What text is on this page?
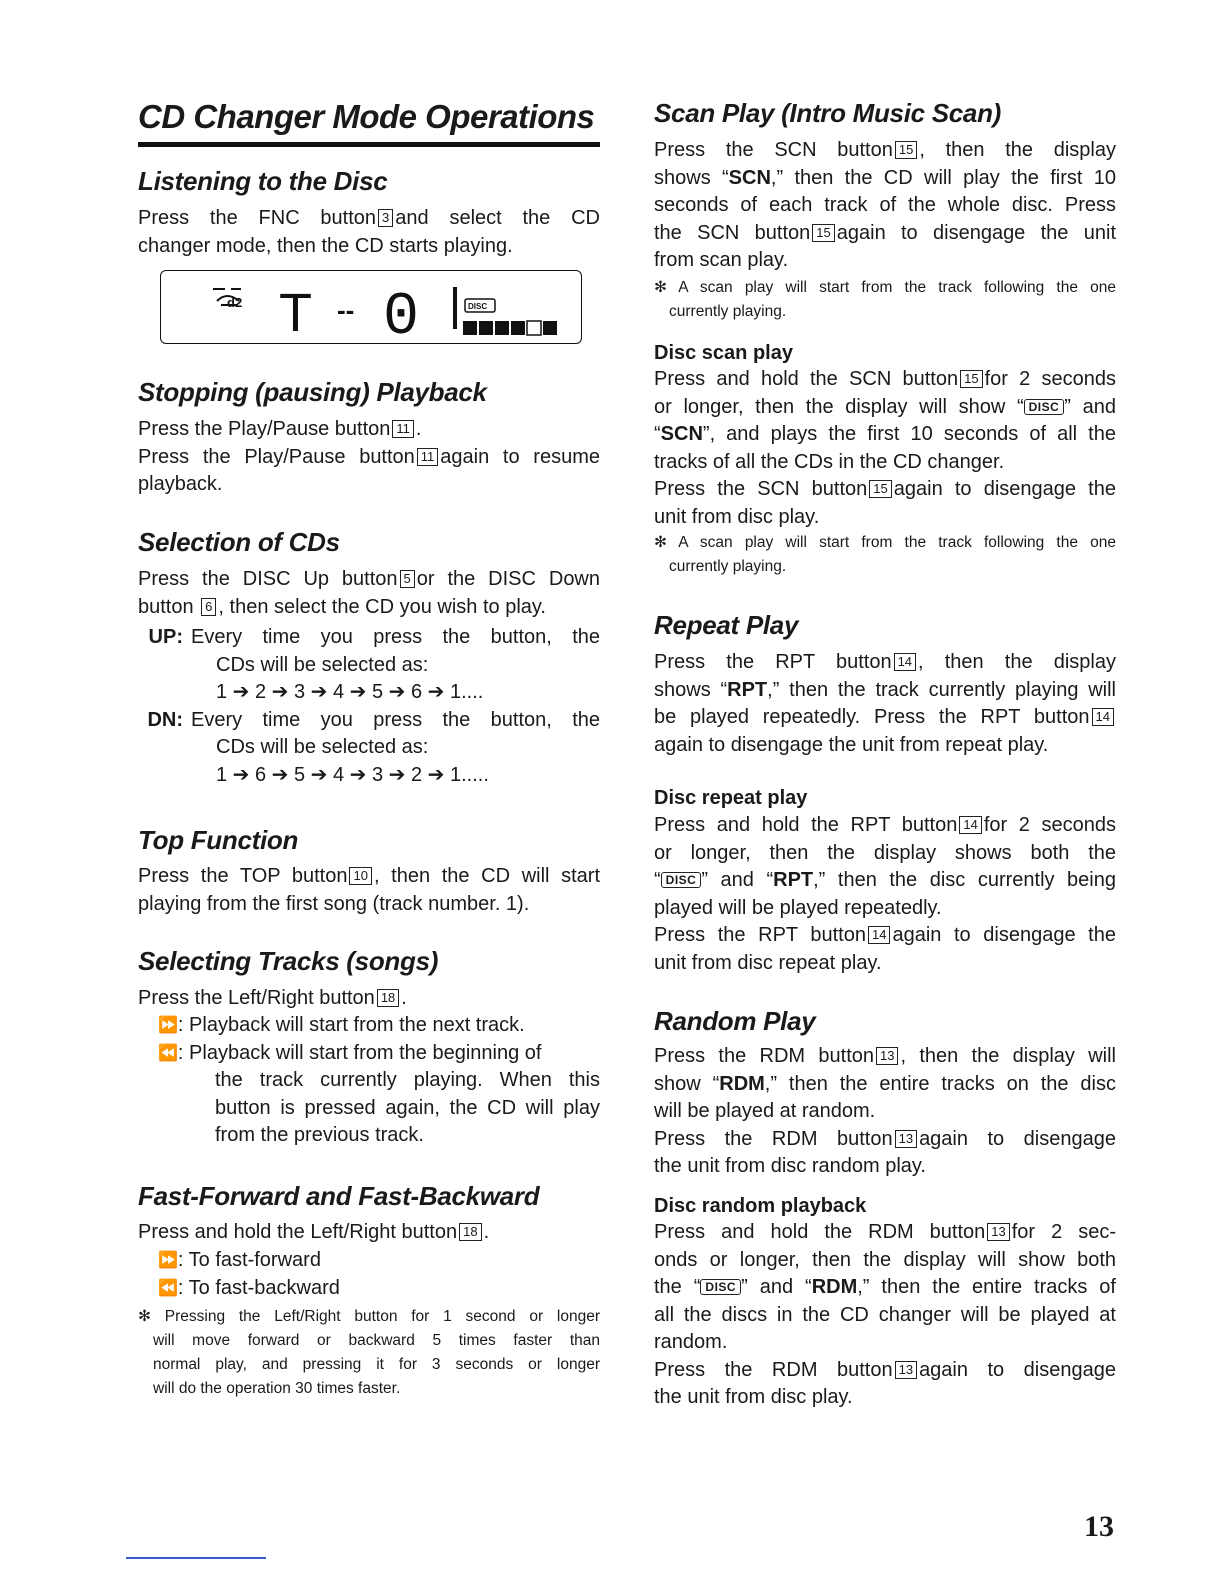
CD Changer Mode Operations
Listening to the Disc
Press the FNC button 3 and select the CD
changer mode, then the CD starts playing.
d2 T -- 0	DISC
Stopping (pausing) Playback
Press the Play/Pause button 11 .
Press the Play/Pause button 11 again to resume
playback.
Selection of CDs
Press the DISC Up button 5 or the DISC Down
button 6 , then select the CD you wish to play.
UP: Every time you press the button, the
CDs will be selected as:
1 ➔ 2 ➔ 3 ➔ 4 ➔ 5 ➔ 6 ➔ 1....
DN: Every time you press the button, the
CDs will be selected as:
1 ➔ 6 ➔ 5 ➔ 4 ➔ 3 ➔ 2 ➔ 1.....
Top Function
Press the TOP button 10 , then the CD will start
playing from the first song (track number. 1).
Selecting Tracks (songs)
Press the Left/Right button 18 .
⏩ : Playback will start from the next track.
⏪ : Playback will start from the beginning of
the track currently playing. When this
button is pressed again, the CD will play
from the previous track.
Fast-Forward and Fast-Backward
Press and hold the Left/Right button 18 .
⏩ : To fast-forward
⏪ : To fast-backward
✻ Pressing the Left/Right button for 1 second or longer
will move forward or backward 5 times faster than
normal play, and pressing it for 3 seconds or longer
will do the operation 30 times faster.
Scan Play (Intro Music Scan)
Press the SCN button 15 , then the display
shows “SCN,” then the CD will play the first 10
seconds of each track of the whole disc. Press
the SCN button 15 again to disengage the unit
from scan play.
✻ A scan play will start from the track following the one
currently playing.
Disc scan play
Press and hold the SCN button 15 for 2 seconds
or longer, then the display will show “ DISC ” and
“SCN”, and plays the first 10 seconds of all the
tracks of all the CDs in the CD changer.
Press the SCN button 15 again to disengage the
unit from disc play.
✻ A scan play will start from the track following the one
currently playing.
Repeat Play
Press the RPT button 14 , then the display
shows “RPT,” then the track currently playing will
be played repeatedly. Press the RPT button 14
again to disengage the unit from repeat play.
Disc repeat play
Press and hold the RPT button 14 for 2 seconds
or longer, then the display shows both the
“ DISC ” and “RPT,” then the disc currently being
played will be played repeatedly.
Press the RPT button 14 again to disengage the
unit from disc repeat play.
Random Play
Press the RDM button 13 , then the display will
show “RDM,” then the entire tracks on the disc
will be played at random.
Press the RDM button 13 again to disengage
the unit from disc random play.
Disc random playback
Press and hold the RDM button 13 for 2 sec-
onds or longer, then the display will show both
the “ DISC ” and “RDM,” then the entire tracks of
all the discs in the CD changer will be played at
random.
Press the RDM button 13 again to disengage
the unit from disc play.
13
